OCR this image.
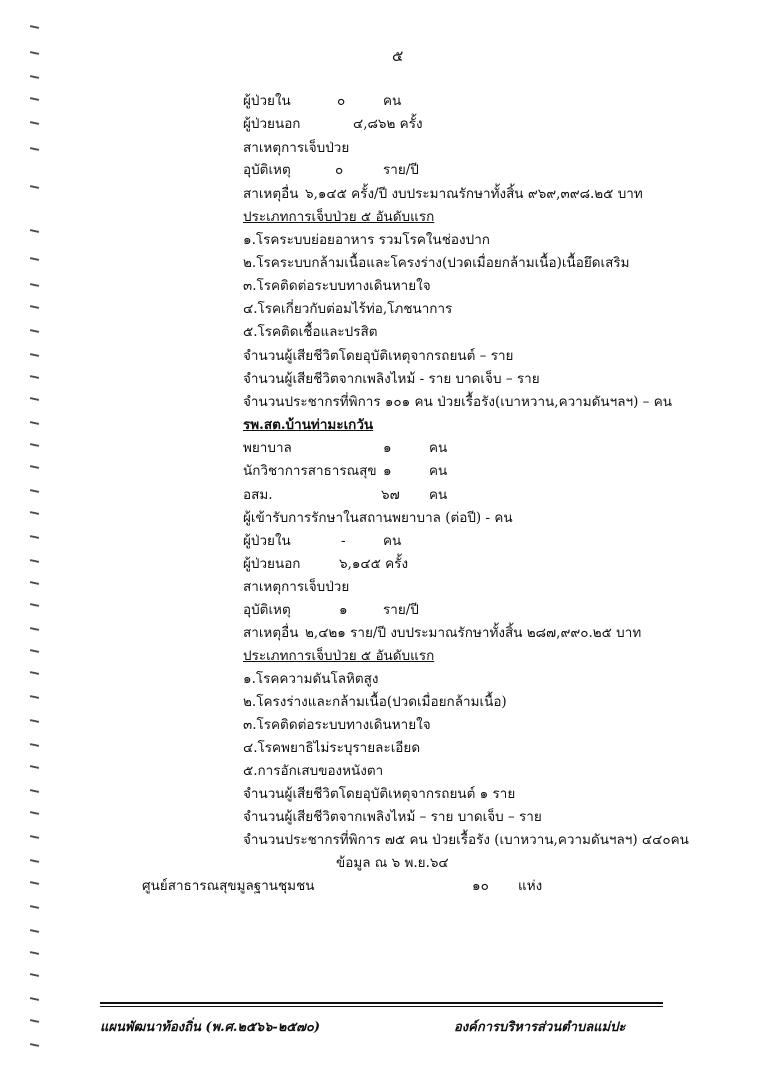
๕
ผู้ป่วยใน	๐	คน
ผู้ป่วยนอก	๔,๘๖๒ ครั้ง
สาเหตุการเจ็บป่วย
อุบัติเหตุ	๐	ราย/ปี
สาเหตุอื่น ๖,๑๔๕ ครั้ง/ปี งบประมาณรักษาทั้งสิ้น ๙๖๙,๓๙๘.๒๕ บาท
ประเภทการเจ็บป่วย ๕ อันดับแรก
๑.โรคระบบย่อยอาหาร รวมโรคในช่องปาก
๒.โรคระบบกล้ามเนื้อและโครงร่าง(ปวดเมื่อยกล้ามเนื้อ)เนื้อยึดเสริม
๓.โรคติดต่อระบบทางเดินหายใจ
๔.โรคเกี่ยวกับต่อมไร้ท่อ,โภชนาการ
๕.โรคติดเชื้อและปรสิต
จำนวนผู้เสียชีวิตโดยอุบัติเหตุจากรถยนต์ – ราย
จำนวนผู้เสียชีวิตจากเพลิงไหม้ - ราย บาดเจ็บ – ราย
จำนวนประชากรที่พิการ ๑๐๑ คน ป่วยเรื้อรัง(เบาหวาน,ความดันฯลฯ) – คน
รพ.สต.บ้านท่ามะเกวัน
พยาบาล	๑	คน
นักวิชาการสาธารณสุข ๑	คน
อสม.	๖๗ คน
ผู้เข้ารับการรักษาในสถานพยาบาล (ต่อปี) - คน
ผู้ป่วยใน	-	คน
ผู้ป่วยนอก	๖,๑๔๕ ครั้ง
สาเหตุการเจ็บป่วย
อุบัติเหตุ	๑	ราย/ปี
สาเหตุอื่น ๒,๔๒๑ ราย/ปี งบประมาณรักษาทั้งสิ้น ๒๘๗,๙๙๐.๒๕ บาท
ประเภทการเจ็บป่วย ๕ อันดับแรก
๑.โรคความดันโลหิตสูง
๒.โครงร่างและกล้ามเนื้อ(ปวดเมื่อยกล้ามเนื้อ)
๓.โรคติดต่อระบบทางเดินหายใจ
๔.โรคพยาธิไม่ระบุรายละเอียด
๕.การอักเสบของหนังตา
จำนวนผู้เสียชีวิตโดยอุบัติเหตุจากรถยนต์ ๑ ราย
จำนวนผู้เสียชีวิตจากเพลิงไหม้ – ราย บาดเจ็บ – ราย
จำนวนประชากรที่พิการ ๗๕ คน ป่วยเรื้อรัง (เบาหวาน,ความดันฯลฯ) ๔๔๐คน
ข้อมูล ณ ๖ พ.ย.๖๔
ศูนย์สาธารณสุขมูลฐานชุมชน	๑๐ แห่ง
แผนพัฒนาท้องถิ่น (พ.ศ.๒๕๖๖-๒๕๗๐)	องค์การบริหารส่วนตำบลแม่ปะ
